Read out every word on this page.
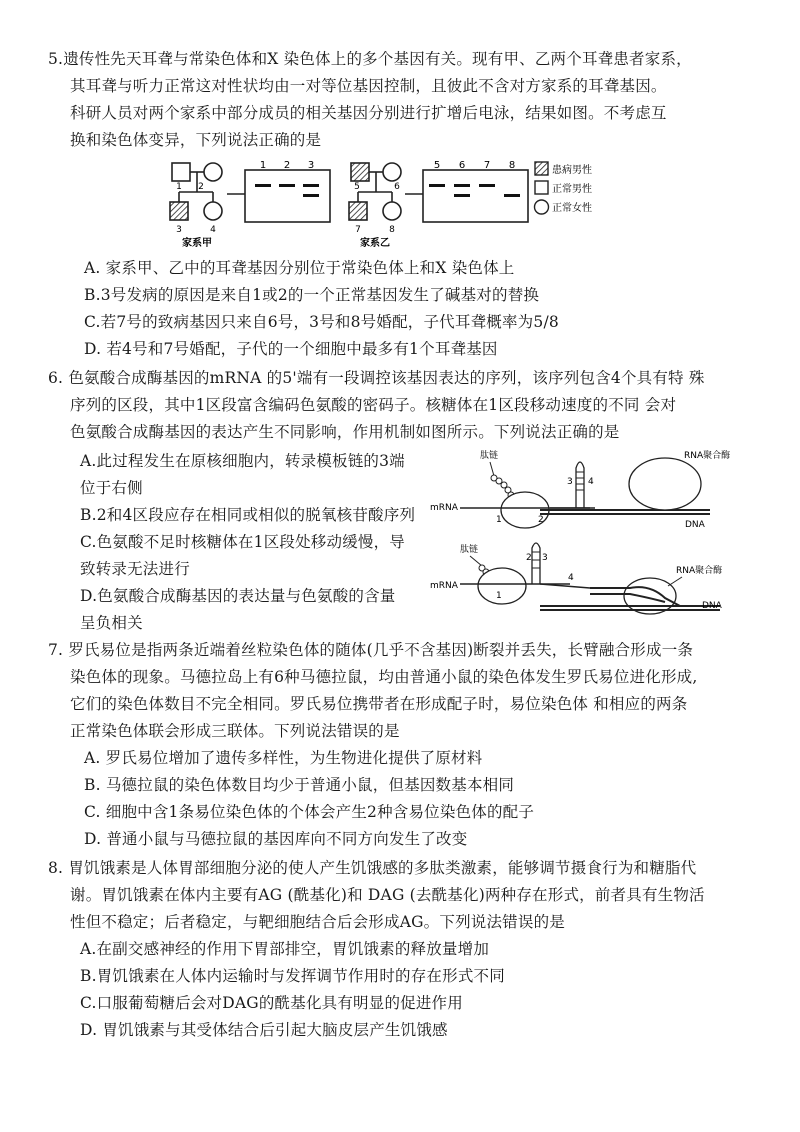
5.遗传性先天耳聋与常染色体和X 染色体上的多个基因有关。现有甲、乙两个耳聋患者家系，
其耳聋与听力正常这对性状均由一对等位基因控制，且彼此不含对方家系的耳聋基因。
科研人员对两个家系中部分成员的相关基因分别进行扩增后电泳，结果如图。不考虑互
换和染色体变异，下列说法正确的是
1 2
3	4
家系甲
1 2 3
5	6
7	8
家系乙
5 6 7 8	患病男性
正常男性
正常女性
A. 家系甲、乙中的耳聋基因分别位于常染色体上和X 染色体上
B.3号发病的原因是来自1或2的一个正常基因发生了碱基对的替换
C.若7号的致病基因只来自6号，3号和8号婚配，子代耳聋概率为5/8
D. 若4号和7号婚配，子代的一个细胞中最多有1个耳聋基因
6. 色氨酸合成酶基因的mRNA 的5'端有一段调控该基因表达的序列，该序列包含4个具有特 殊
序列的区段，其中1区段富含编码色氨酸的密码子。核糖体在1区段移动速度的不同 会对
色氨酸合成酶基因的表达产生不同影响，作用机制如图所示。下列说法正确的是
A.此过程发生在原核细胞内，转录模板链的3端
位于右侧
B.2和4区段应存在相同或相似的脱氧核苷酸序列
C.色氨酸不足时核糖体在1区段处移动缓慢，导
致转录无法进行
D.色氨酸合成酶基因的表达量与色氨酸的含量
呈负相关
肽链
mRNA
1	2
3 4
RNA聚合酶
DNA
肽链
mRNA
1
2 3
4
RNA聚合酶
DNA
7. 罗氏易位是指两条近端着丝粒染色体的随体(几乎不含基因)断裂并丢失，长臂融合形成一条
染色体的现象。马德拉岛上有6种马德拉鼠，均由普通小鼠的染色体发生罗氏易位进化形成,
它们的染色体数目不完全相同。罗氏易位携带者在形成配子时，易位染色体 和相应的两条
正常染色体联会形成三联体。下列说法错误的是
A. 罗氏易位增加了遗传多样性，为生物进化提供了原材料
B. 马德拉鼠的染色体数目均少于普通小鼠，但基因数基本相同
C. 细胞中含1条易位染色体的个体会产生2种含易位染色体的配子
D. 普通小鼠与马德拉鼠的基因库向不同方向发生了改变
8. 胃饥饿素是人体胃部细胞分泌的使人产生饥饿感的多肽类激素，能够调节摄食行为和糖脂代
谢。胃饥饿素在体内主要有AG (酰基化)和 DAG (去酰基化)两种存在形式，前者具有生物活
性但不稳定；后者稳定，与靶细胞结合后会形成AG。下列说法错误的是
A.在副交感神经的作用下胃部排空，胃饥饿素的释放量增加
B.胃饥饿素在人体内运输时与发挥调节作用时的存在形式不同
C.口服葡萄糖后会对DAG的酰基化具有明显的促进作用
D. 胃饥饿素与其受体结合后引起大脑皮层产生饥饿感
